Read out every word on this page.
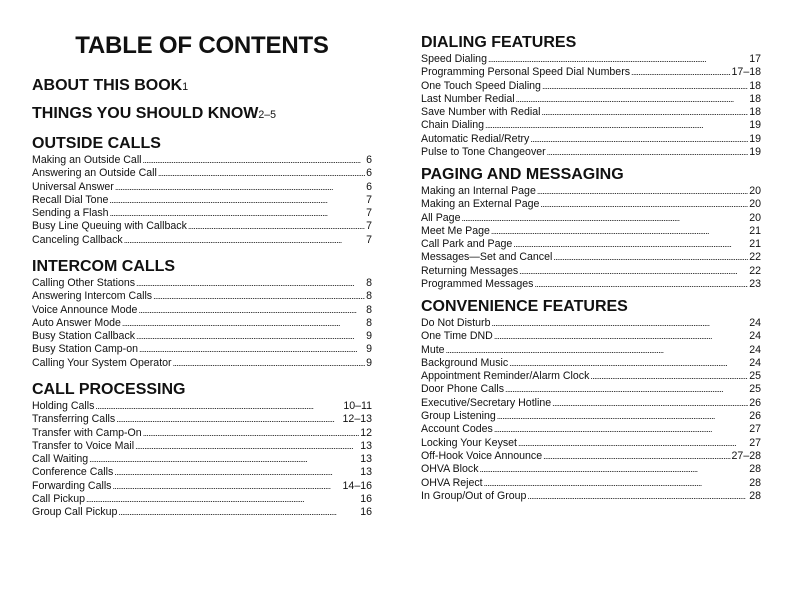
TABLE OF CONTENTS
ABOUT THIS BOOK 1
THINGS YOU SHOULD KNOW 2–5
OUTSIDE CALLS
Making an Outside Call . . .	6
Answering an Outside Call . . .	6
Universal Answer . . .	6
Recall Dial Tone . . .	7
Sending a Flash . . .	7
Busy Line Queuing with Callback . . .	7
Canceling Callback . . .	7
INTERCOM CALLS
Calling Other Stations . . .	8
Answering Intercom Calls . . .	8
Voice Announce Mode . . .	8
Auto Answer Mode . . .	8
Busy Station Callback . . .	9
Busy Station Camp-on . . .	9
Calling Your System Operator . . .	9
CALL PROCESSING
Holding Calls . . .	10–11
Transferring Calls . . .	12–13
Transfer with Camp-On . . .	12
Transfer to Voice Mail . . .	13
Call Waiting . . .	13
Conference Calls . . .	13
Forwarding Calls . . .	14–16
Call Pickup . . .	16
Group Call Pickup . . .	16
DIALING FEATURES
Speed Dialing . . .	17
Programming Personal Speed Dial Numbers . . .	17–18
One Touch Speed Dialing . . .	18
Last Number Redial . . .	18
Save Number with Redial . . .	18
Chain Dialing . . .	19
Automatic Redial/Retry . . .	19
Pulse to Tone Changeover . . .	19
PAGING AND MESSAGING
Making an Internal Page . . .	20
Making an External Page . . .	20
All Page . . .	20
Meet Me Page . . .	21
Call Park and Page . . .	21
Messages—Set and Cancel . . .	22
Returning Messages . . .	22
Programmed Messages . . .	23
CONVENIENCE FEATURES
Do Not Disturb . . .	24
One Time DND . . .	24
Mute . . .	24
Background Music . . .	24
Appointment Reminder/Alarm Clock . . .	25
Door Phone Calls . . .	25
Executive/Secretary Hotline . . .	26
Group Listening . . .	26
Account Codes . . .	27
Locking Your Keyset . . .	27
Off-Hook Voice Announce . . .	27–28
OHVA Block . . .	28
OHVA Reject . . .	28
In Group/Out of Group . . .	28
